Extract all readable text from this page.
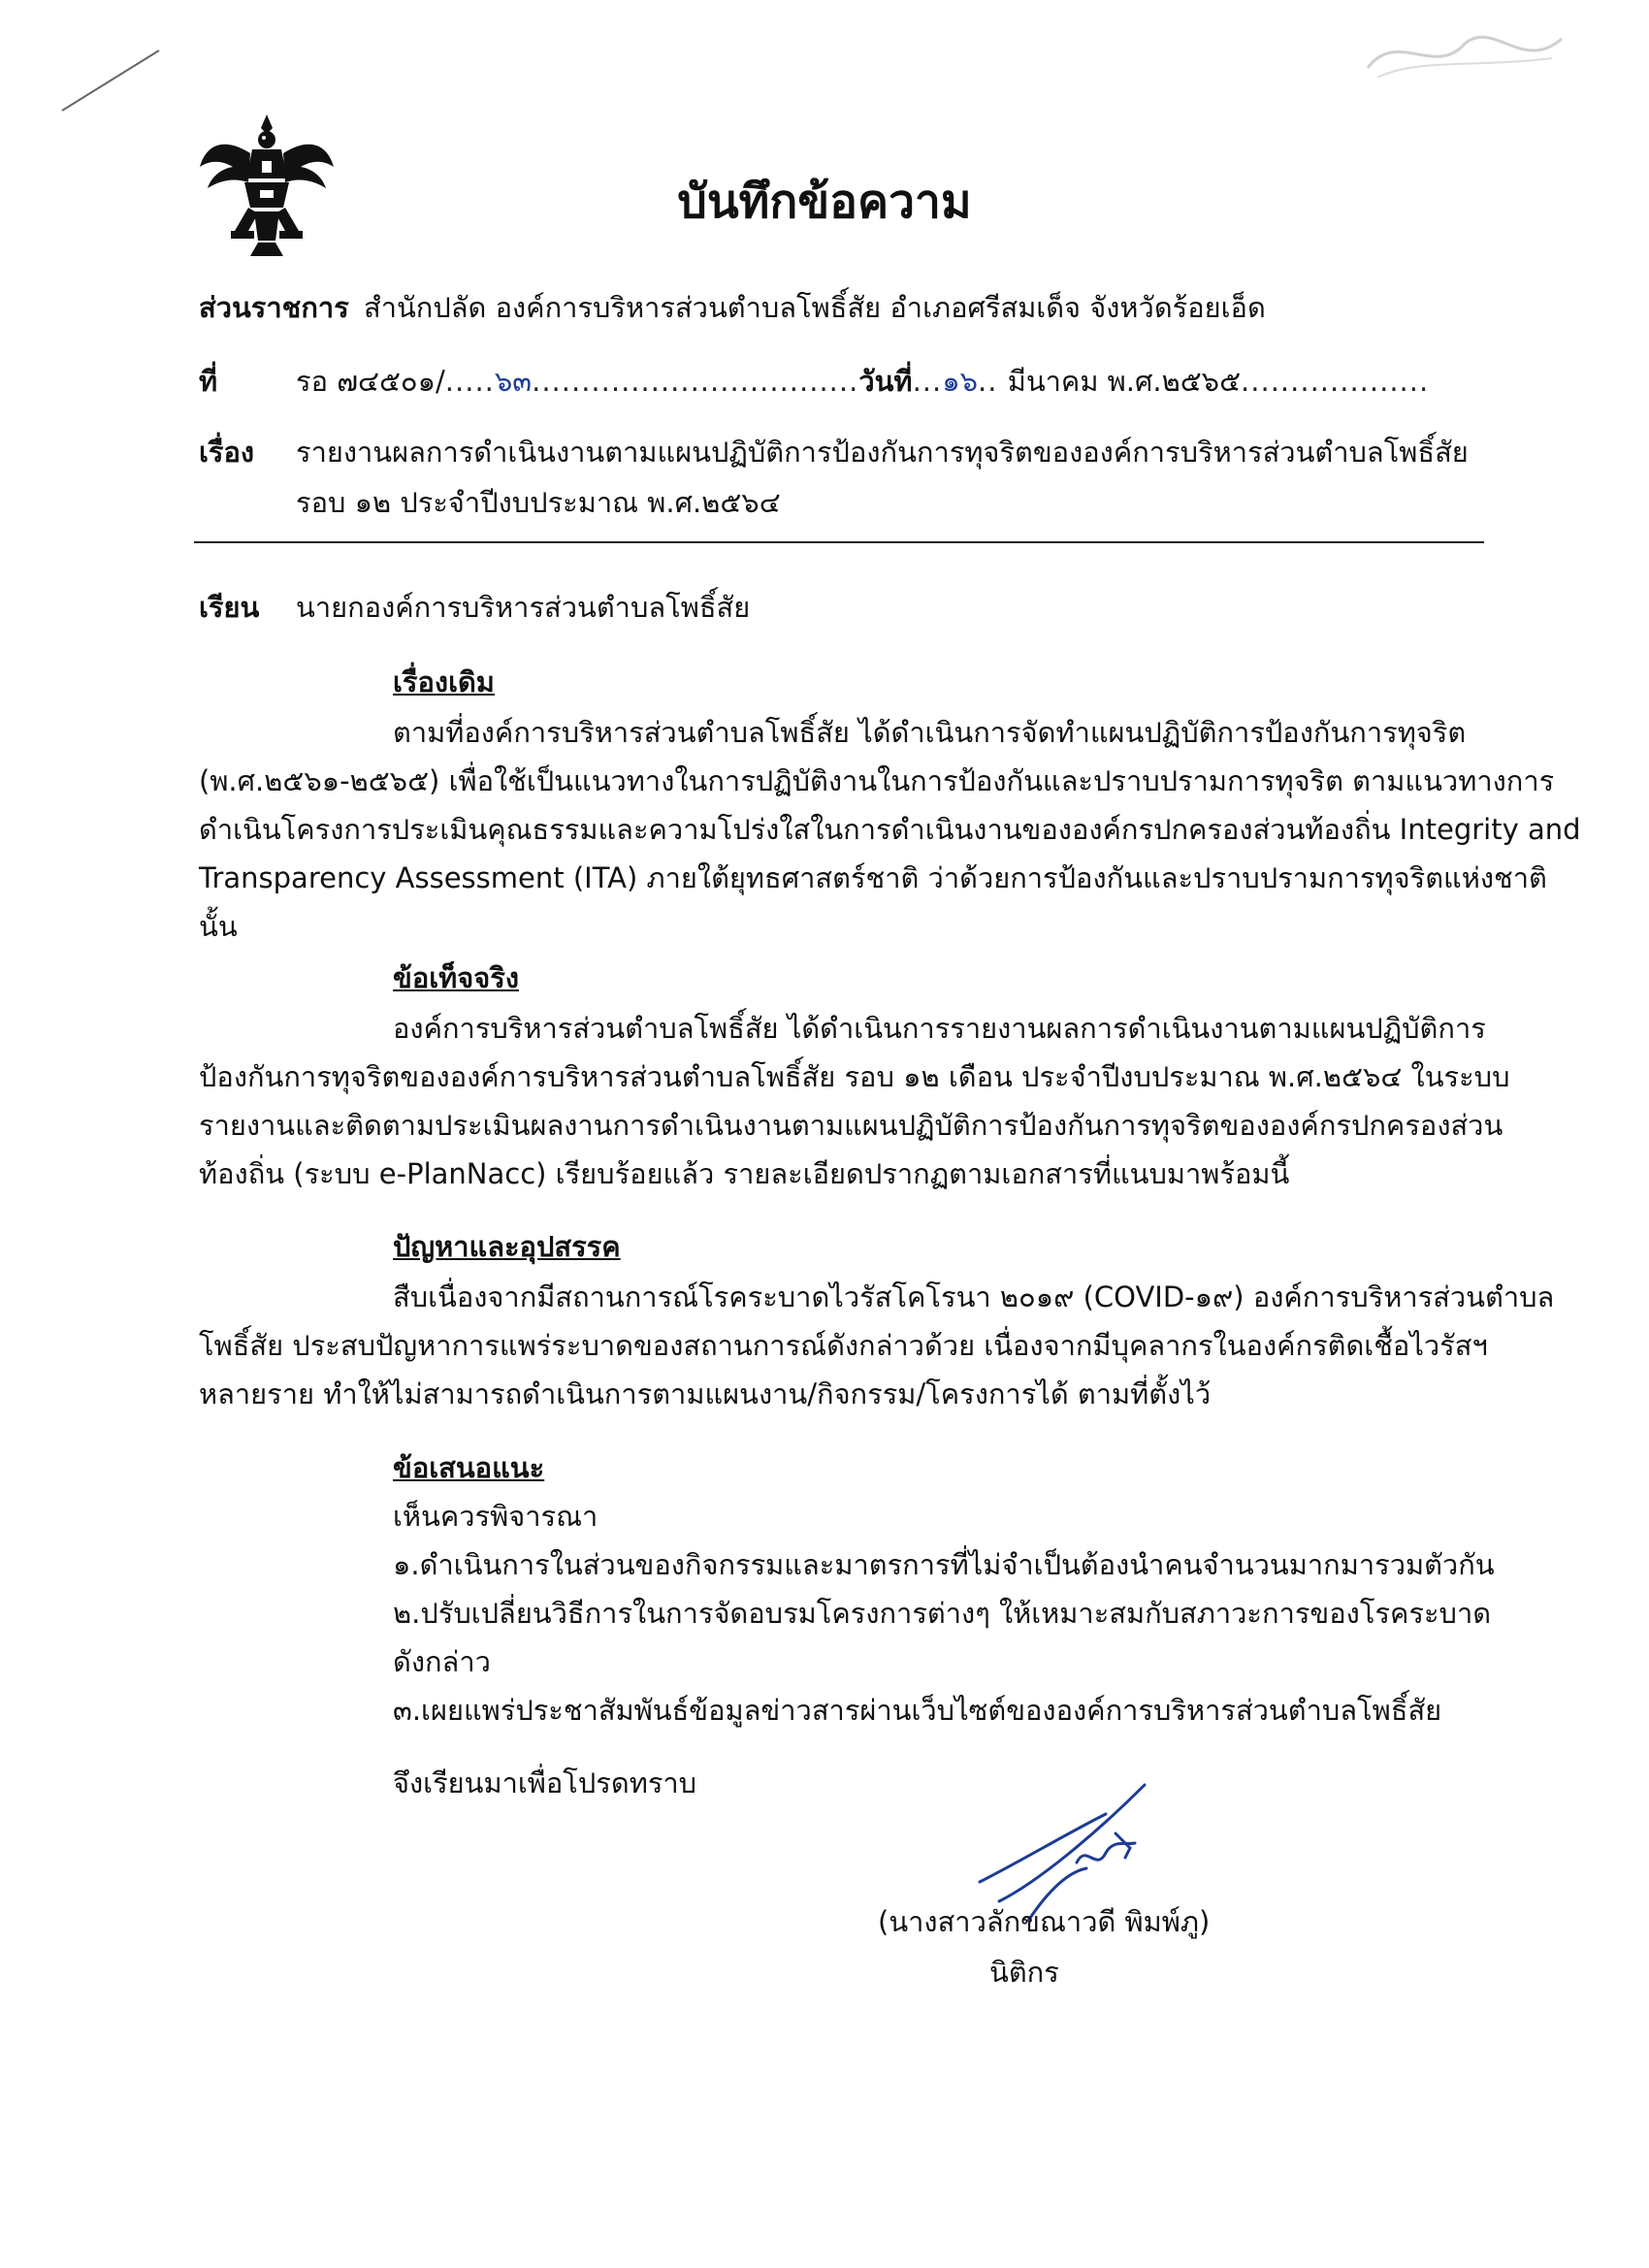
บันทึกข้อความ
ส่วนราชการ สำนักปลัด องค์การบริหารส่วนตำบลโพธิ์สัย อำเภอศรีสมเด็จ จังหวัดร้อยเอ็ด
ที่	รอ ๗๔๕๐๑/.....๖๓.................................วันที่...๑๖.. มีนาคม พ.ศ.๒๕๖๕...................
เรื่อง รายงานผลการดำเนินงานตามแผนปฏิบัติการป้องกันการทุจริตขององค์การบริหารส่วนตำบลโพธิ์สัย
รอบ ๑๒ ประจำปีงบประมาณ พ.ศ.๒๕๖๔
เรียน นายกองค์การบริหารส่วนตำบลโพธิ์สัย
เรื่องเดิม
ตามที่องค์การบริหารส่วนตำบลโพธิ์สัย ได้ดำเนินการจัดทำแผนปฏิบัติการป้องกันการทุจริต
(พ.ศ.๒๕๖๑-๒๕๖๕) เพื่อใช้เป็นแนวทางในการปฏิบัติงานในการป้องกันและปราบปรามการทุจริต ตามแนวทางการ
ดำเนินโครงการประเมินคุณธรรมและความโปร่งใสในการดำเนินงานขององค์กรปกครองส่วนท้องถิ่น Integrity and
Transparency Assessment (ITA) ภายใต้ยุทธศาสตร์ชาติ ว่าด้วยการป้องกันและปราบปรามการทุจริตแห่งชาติ
นั้น
ข้อเท็จจริง
องค์การบริหารส่วนตำบลโพธิ์สัย ได้ดำเนินการรายงานผลการดำเนินงานตามแผนปฏิบัติการ
ป้องกันการทุจริตขององค์การบริหารส่วนตำบลโพธิ์สัย รอบ ๑๒ เดือน ประจำปีงบประมาณ พ.ศ.๒๕๖๔ ในระบบ
รายงานและติดตามประเมินผลงานการดำเนินงานตามแผนปฏิบัติการป้องกันการทุจริตขององค์กรปกครองส่วน
ท้องถิ่น (ระบบ e-PlanNacc) เรียบร้อยแล้ว รายละเอียดปรากฏตามเอกสารที่แนบมาพร้อมนี้
ปัญหาและอุปสรรค
สืบเนื่องจากมีสถานการณ์โรคระบาดไวรัสโคโรนา ๒๐๑๙ (COVID-๑๙) องค์การบริหารส่วนตำบล
โพธิ์สัย ประสบปัญหาการแพร่ระบาดของสถานการณ์ดังกล่าวด้วย เนื่องจากมีบุคลากรในองค์กรติดเชื้อไวรัสฯ
หลายราย ทำให้ไม่สามารถดำเนินการตามแผนงาน/กิจกรรม/โครงการได้ ตามที่ตั้งไว้
ข้อเสนอแนะ
เห็นควรพิจารณา
๑.ดำเนินการในส่วนของกิจกรรมและมาตรการที่ไม่จำเป็นต้องนำคนจำนวนมากมารวมตัวกัน
๒.ปรับเปลี่ยนวิธีการในการจัดอบรมโครงการต่างๆ ให้เหมาะสมกับสภาวะการของโรคระบาด
ดังกล่าว
๓.เผยแพร่ประชาสัมพันธ์ข้อมูลข่าวสารผ่านเว็บไซต์ขององค์การบริหารส่วนตำบลโพธิ์สัย
จึงเรียนมาเพื่อโปรดทราบ
(นางสาวลักขณาวดี พิมพ์ภู)
นิติกร
